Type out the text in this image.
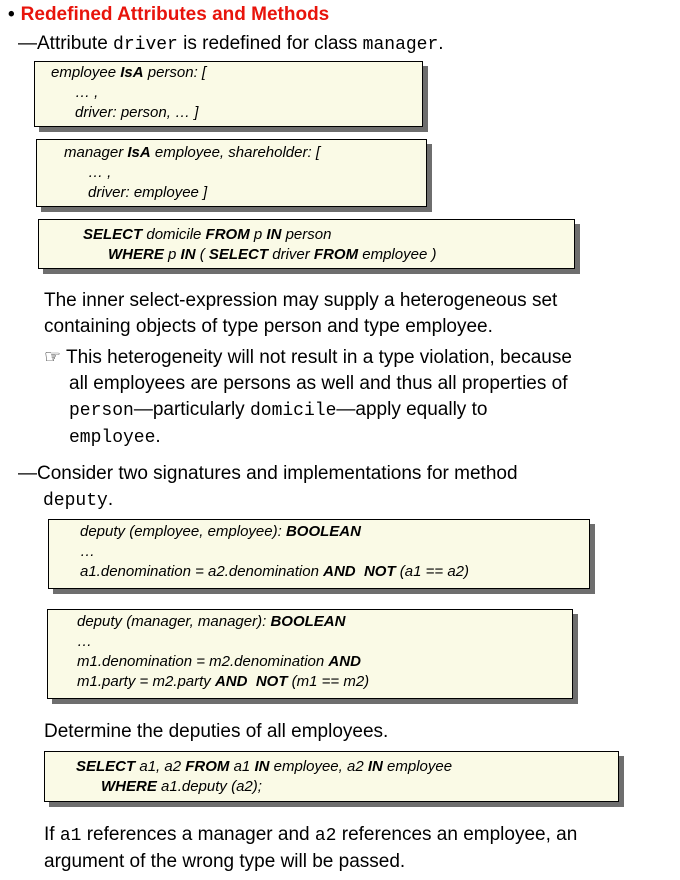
• Redefined Attributes and Methods
—Attribute driver is redefined for class manager.
employee IsA person: [
… ,
driver: person, … ]
manager IsA employee, shareholder: [
… ,
driver: employee ]
SELECT domicile FROM p IN person
WHERE p IN ( SELECT driver FROM employee )
The inner select-expression may supply a heterogeneous set
containing objects of type person and type employee.
☞ This heterogeneity will not result in a type violation, because
all employees are persons as well and thus all properties of
person—particularly domicile—apply equally to
employee.
—Consider two signatures and implementations for method
deputy.
deputy (employee, employee): BOOLEAN
…
a1.denomination = a2.denomination AND NOT (a1 == a2)
deputy (manager, manager): BOOLEAN
…
m1.denomination = m2.denomination AND
m1.party = m2.party AND NOT (m1 == m2)
Determine the deputies of all employees.
SELECT a1, a2 FROM a1 IN employee, a2 IN employee
WHERE a1.deputy (a2);
If a1 references a manager and a2 references an employee, an
argument of the wrong type will be passed.
